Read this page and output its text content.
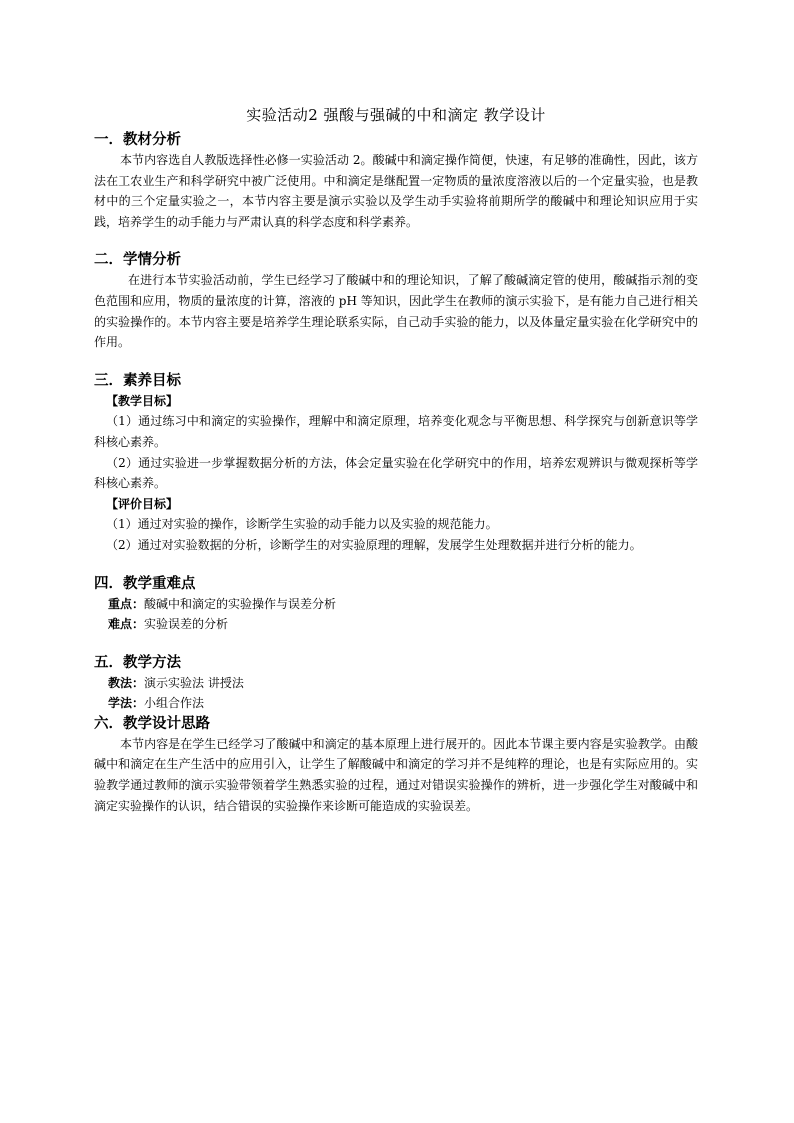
实验活动2 强酸与强碱的中和滴定 教学设计

一．教材分析

本节内容选自人教版选择性必修一实验活动 2。酸碱中和滴定操作简便，快速，有足够的准确性，因此，该方法在工农业生产和科学研究中被广泛使用。中和滴定是继配置一定物质的量浓度溶液以后的一个定量实验，也是教材中的三个定量实验之一，本节内容主要是演示实验以及学生动手实验将前期所学的酸碱中和理论知识应用于实践，培养学生的动手能力与严肃认真的科学态度和科学素养。

二．学情分析

在进行本节实验活动前，学生已经学习了酸碱中和的理论知识，了解了酸碱滴定管的使用，酸碱指示剂的变色范围和应用，物质的量浓度的计算，溶液的 pH 等知识，因此学生在教师的演示实验下，是有能力自己进行相关的实验操作的。本节内容主要是培养学生理论联系实际，自己动手实验的能力，以及体量定量实验在化学研究中的作用。

三．素养目标

【教学目标】

（1）通过练习中和滴定的实验操作，理解中和滴定原理，培养变化观念与平衡思想、科学探究与创新意识等学科核心素养。

（2）通过实验进一步掌握数据分析的方法，体会定量实验在化学研究中的作用，培养宏观辨识与微观探析等学科核心素养。

【评价目标】

（1）通过对实验的操作，诊断学生实验的动手能力以及实验的规范能力。

（2）通过对实验数据的分析，诊断学生的对实验原理的理解，发展学生处理数据并进行分析的能力。

四．教学重难点

重点：酸碱中和滴定的实验操作与误差分析

难点：实验误差的分析

五．教学方法

教法：演示实验法 讲授法

学法：小组合作法

六．教学设计思路

本节内容是在学生已经学习了酸碱中和滴定的基本原理上进行展开的。因此本节课主要内容是实验教学。由酸碱中和滴定在生产生活中的应用引入，让学生了解酸碱中和滴定的学习并不是纯粹的理论，也是有实际应用的。实验教学通过教师的演示实验带领着学生熟悉实验的过程，通过对错误实验操作的辨析，进一步强化学生对酸碱中和滴定实验操作的认识，结合错误的实验操作来诊断可能造成的实验误差。
